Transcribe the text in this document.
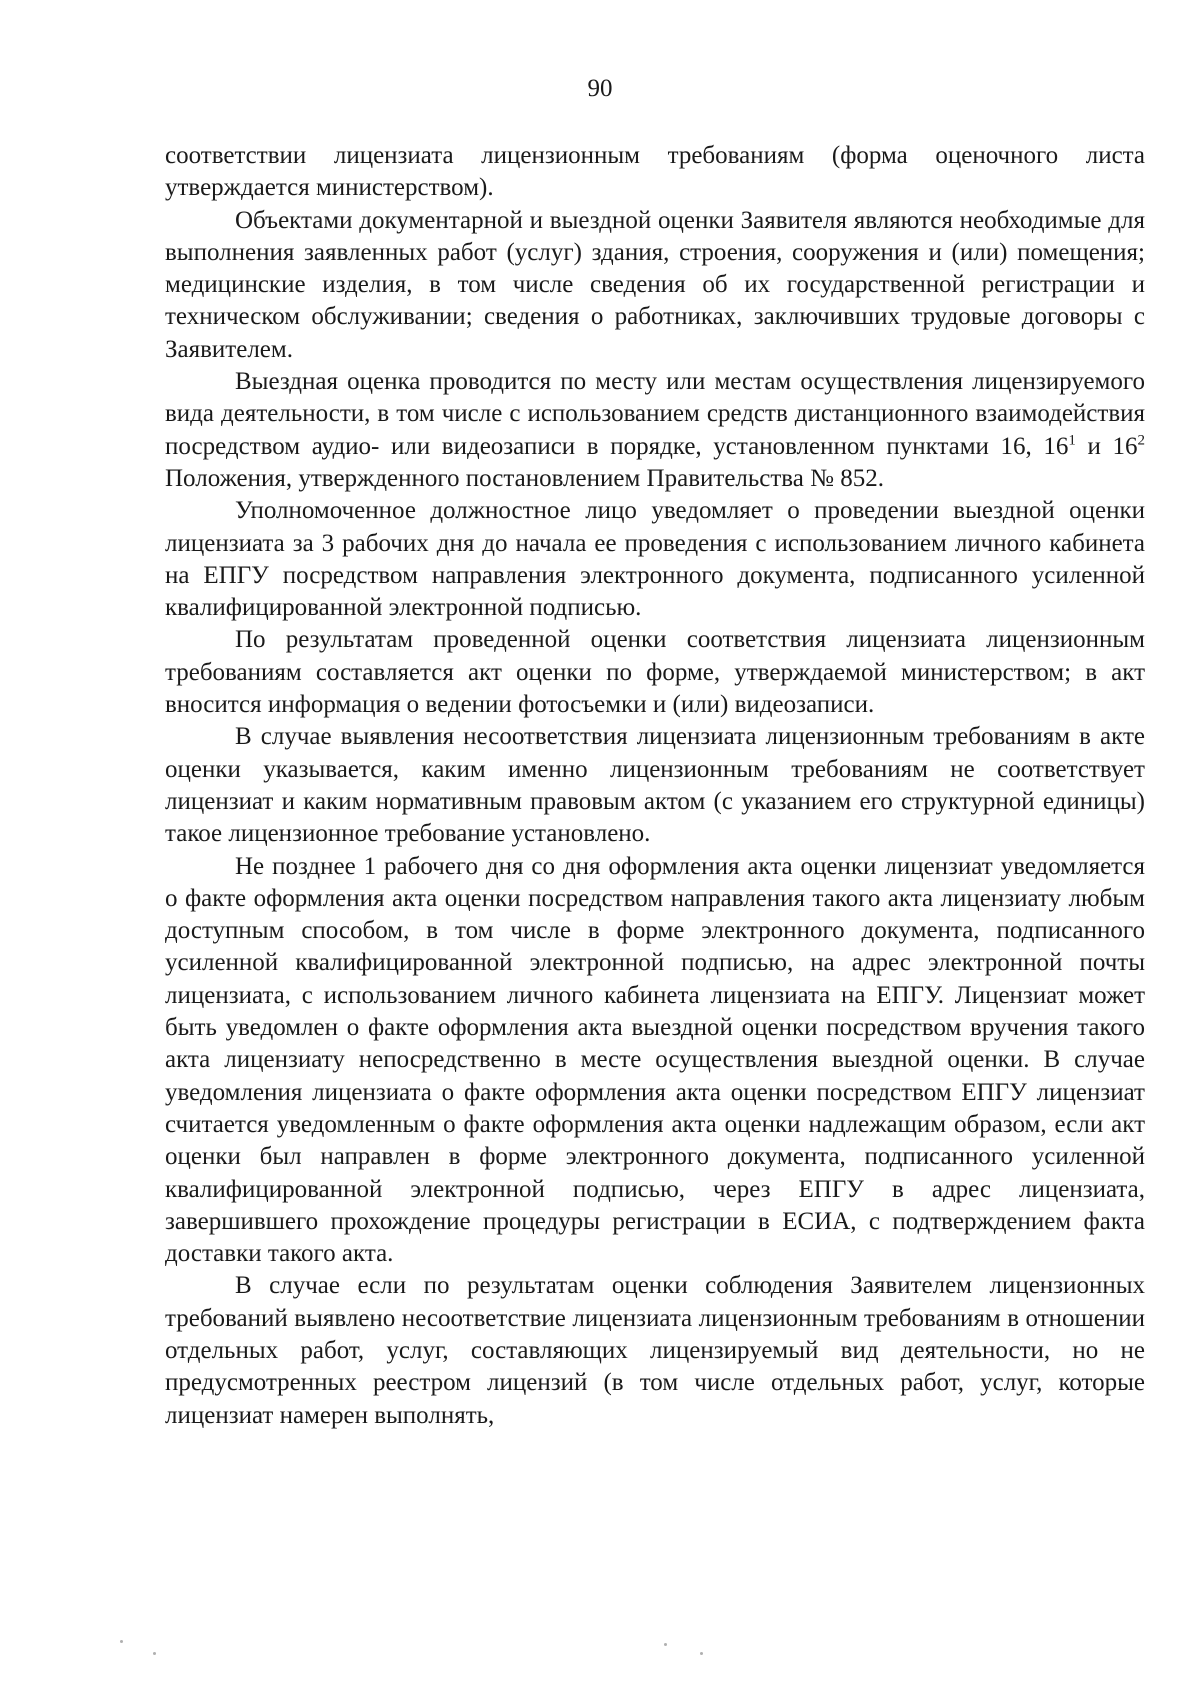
90

соответствии лицензиата лицензионным требованиям (форма оценочного листа утверждается министерством).

Объектами документарной и выездной оценки Заявителя являются необходимые для выполнения заявленных работ (услуг) здания, строения, сооружения и (или) помещения; медицинские изделия, в том числе сведения об их государственной регистрации и техническом обслуживании; сведения о работниках, заключивших трудовые договоры с Заявителем.

Выездная оценка проводится по месту или местам осуществления лицензируемого вида деятельности, в том числе с использованием средств дистанционного взаимодействия посредством аудио- или видеозаписи в порядке, установленном пунктами 16, $16^1$ и $16^2$ Положения, утвержденного постановлением Правительства № 852.

Уполномоченное должностное лицо уведомляет о проведении выездной оценки лицензиата за 3 рабочих дня до начала ее проведения с использованием личного кабинета на ЕПГУ посредством направления электронного документа, подписанного усиленной квалифицированной электронной подписью.

По результатам проведенной оценки соответствия лицензиата лицензионным требованиям составляется акт оценки по форме, утверждаемой министерством; в акт вносится информация о ведении фотосъемки и (или) видеозаписи.

В случае выявления несоответствия лицензиата лицензионным требованиям в акте оценки указывается, каким именно лицензионным требованиям не соответствует лицензиат и каким нормативным правовым актом (с указанием его структурной единицы) такое лицензионное требование установлено.

Не позднее 1 рабочего дня со дня оформления акта оценки лицензиат уведомляется о факте оформления акта оценки посредством направления такого акта лицензиату любым доступным способом, в том числе в форме электронного документа, подписанного усиленной квалифицированной электронной подписью, на адрес электронной почты лицензиата, с использованием личного кабинета лицензиата на ЕПГУ. Лицензиат может быть уведомлен о факте оформления акта выездной оценки посредством вручения такого акта лицензиату непосредственно в месте осуществления выездной оценки. В случае уведомления лицензиата о факте оформления акта оценки посредством ЕПГУ лицензиат считается уведомленным о факте оформления акта оценки надлежащим образом, если акт оценки был направлен в форме электронного документа, подписанного усиленной квалифицированной электронной подписью, через ЕПГУ в адрес лицензиата, завершившего прохождение процедуры регистрации в ЕСИА, с подтверждением факта доставки такого акта.

В случае если по результатам оценки соблюдения Заявителем лицензионных требований выявлено несоответствие лицензиата лицензионным требованиям в отношении отдельных работ, услуг, составляющих лицензируемый вид деятельности, но не предусмотренных реестром лицензий (в том числе отдельных работ, услуг, которые лицензиат намерен выполнять,
